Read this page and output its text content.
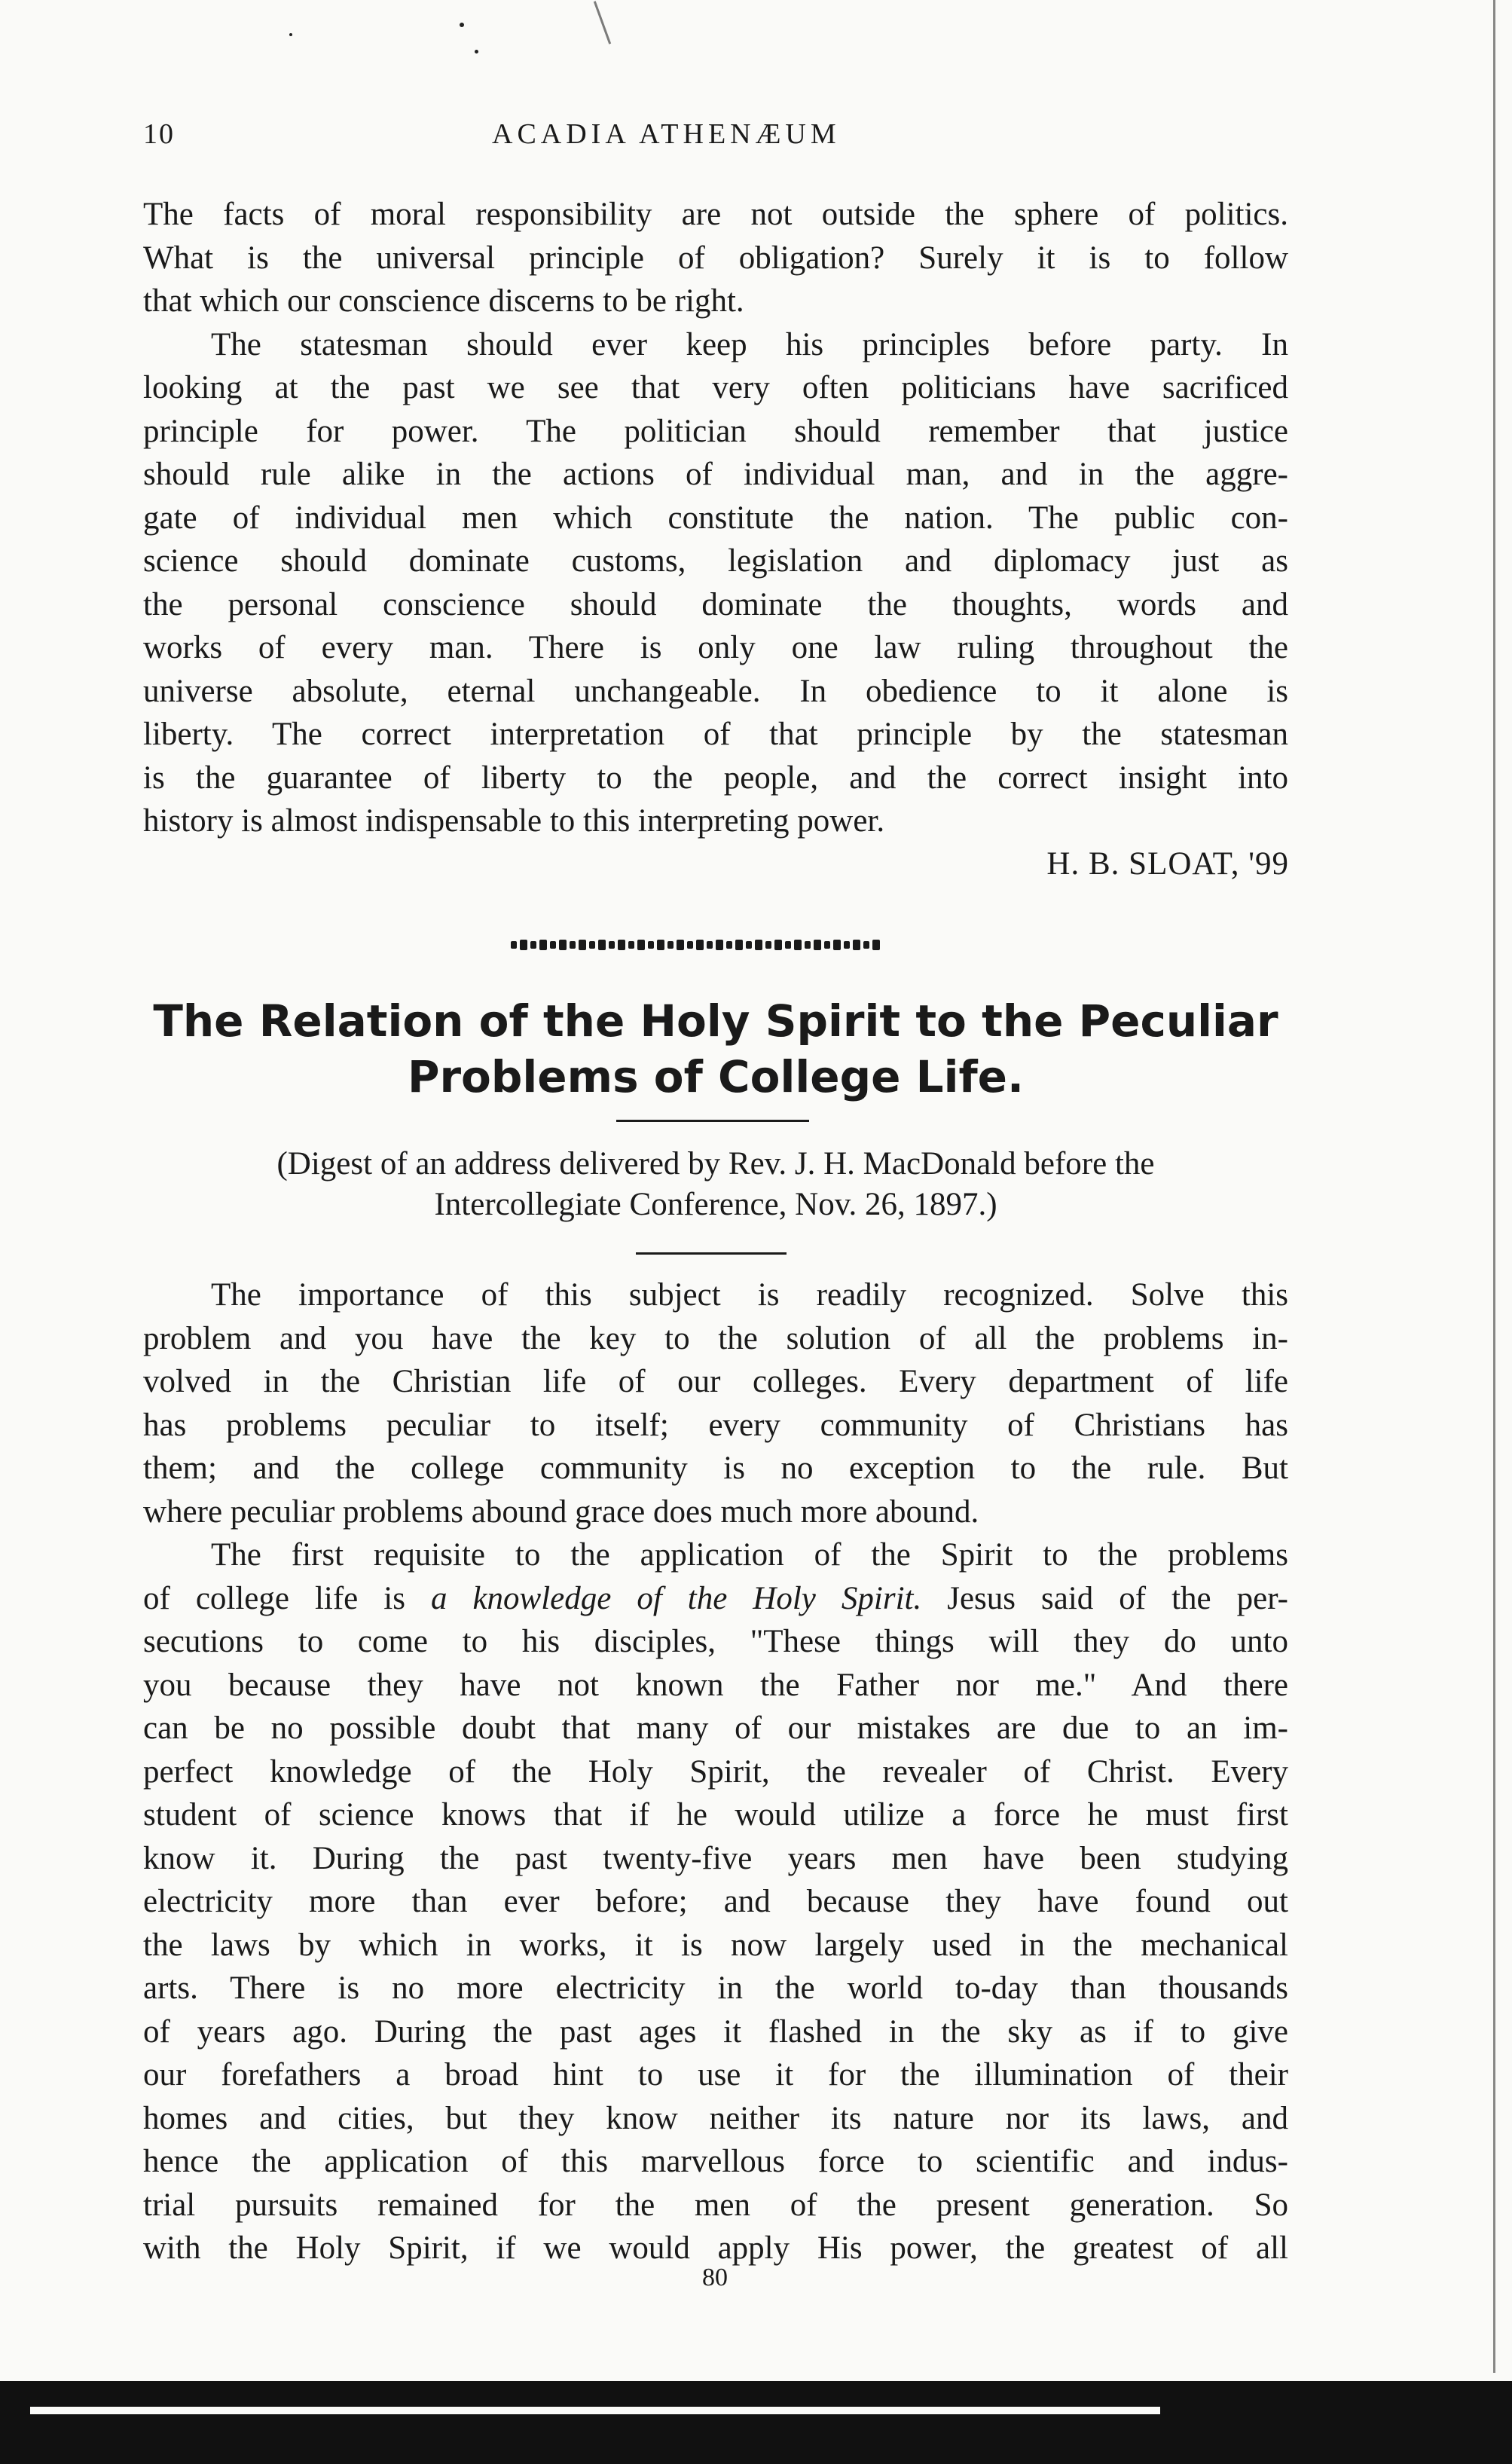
10	ACADIA ATHENÆUM
The facts of moral responsibility are not outside the sphere of politics.
What is the universal principle of obligation? Surely it is to follow
that which our conscience discerns to be right.
The statesman should ever keep his principles before party. In
looking at the past we see that very often politicians have sacrificed
principle for power. The politician should remember that justice
should rule alike in the actions of individual man, and in the aggre-
gate of individual men which constitute the nation. The public con-
science should dominate customs, legislation and diplomacy just as
the personal conscience should dominate the thoughts, words and
works of every man. There is only one law ruling throughout the
universe absolute, eternal unchangeable. In obedience to it alone is
liberty. The correct interpretation of that principle by the statesman
is the guarantee of liberty to the people, and the correct insight into
history is almost indispensable to this interpreting power.
H. B. SLOAT, '99
The Relation of the Holy Spirit to the Peculiar
Problems of College Life.
(Digest of an address delivered by Rev. J. H. MacDonald before the
Intercollegiate Conference, Nov. 26, 1897.)
The importance of this subject is readily recognized. Solve this
problem and you have the key to the solution of all the problems in-
volved in the Christian life of our colleges. Every department of life
has problems peculiar to itself; every community of Christians has
them; and the college community is no exception to the rule. But
where peculiar problems abound grace does much more abound.
The first requisite to the application of the Spirit to the problems
of college life is a knowledge of the Holy Spirit. Jesus said of the per-
secutions to come to his disciples, "These things will they do unto
you because they have not known the Father nor me." And there
can be no possible doubt that many of our mistakes are due to an im-
perfect knowledge of the Holy Spirit, the revealer of Christ. Every
student of science knows that if he would utilize a force he must first
know it. During the past twenty-five years men have been studying
electricity more than ever before; and because they have found out
the laws by which in works, it is now largely used in the mechanical
arts. There is no more electricity in the world to-day than thousands
of years ago. During the past ages it flashed in the sky as if to give
our forefathers a broad hint to use it for the illumination of their
homes and cities, but they know neither its nature nor its laws, and
hence the application of this marvellous force to scientific and indus-
trial pursuits remained for the men of the present generation. So
with the Holy Spirit, if we would apply His power, the greatest of all
80
